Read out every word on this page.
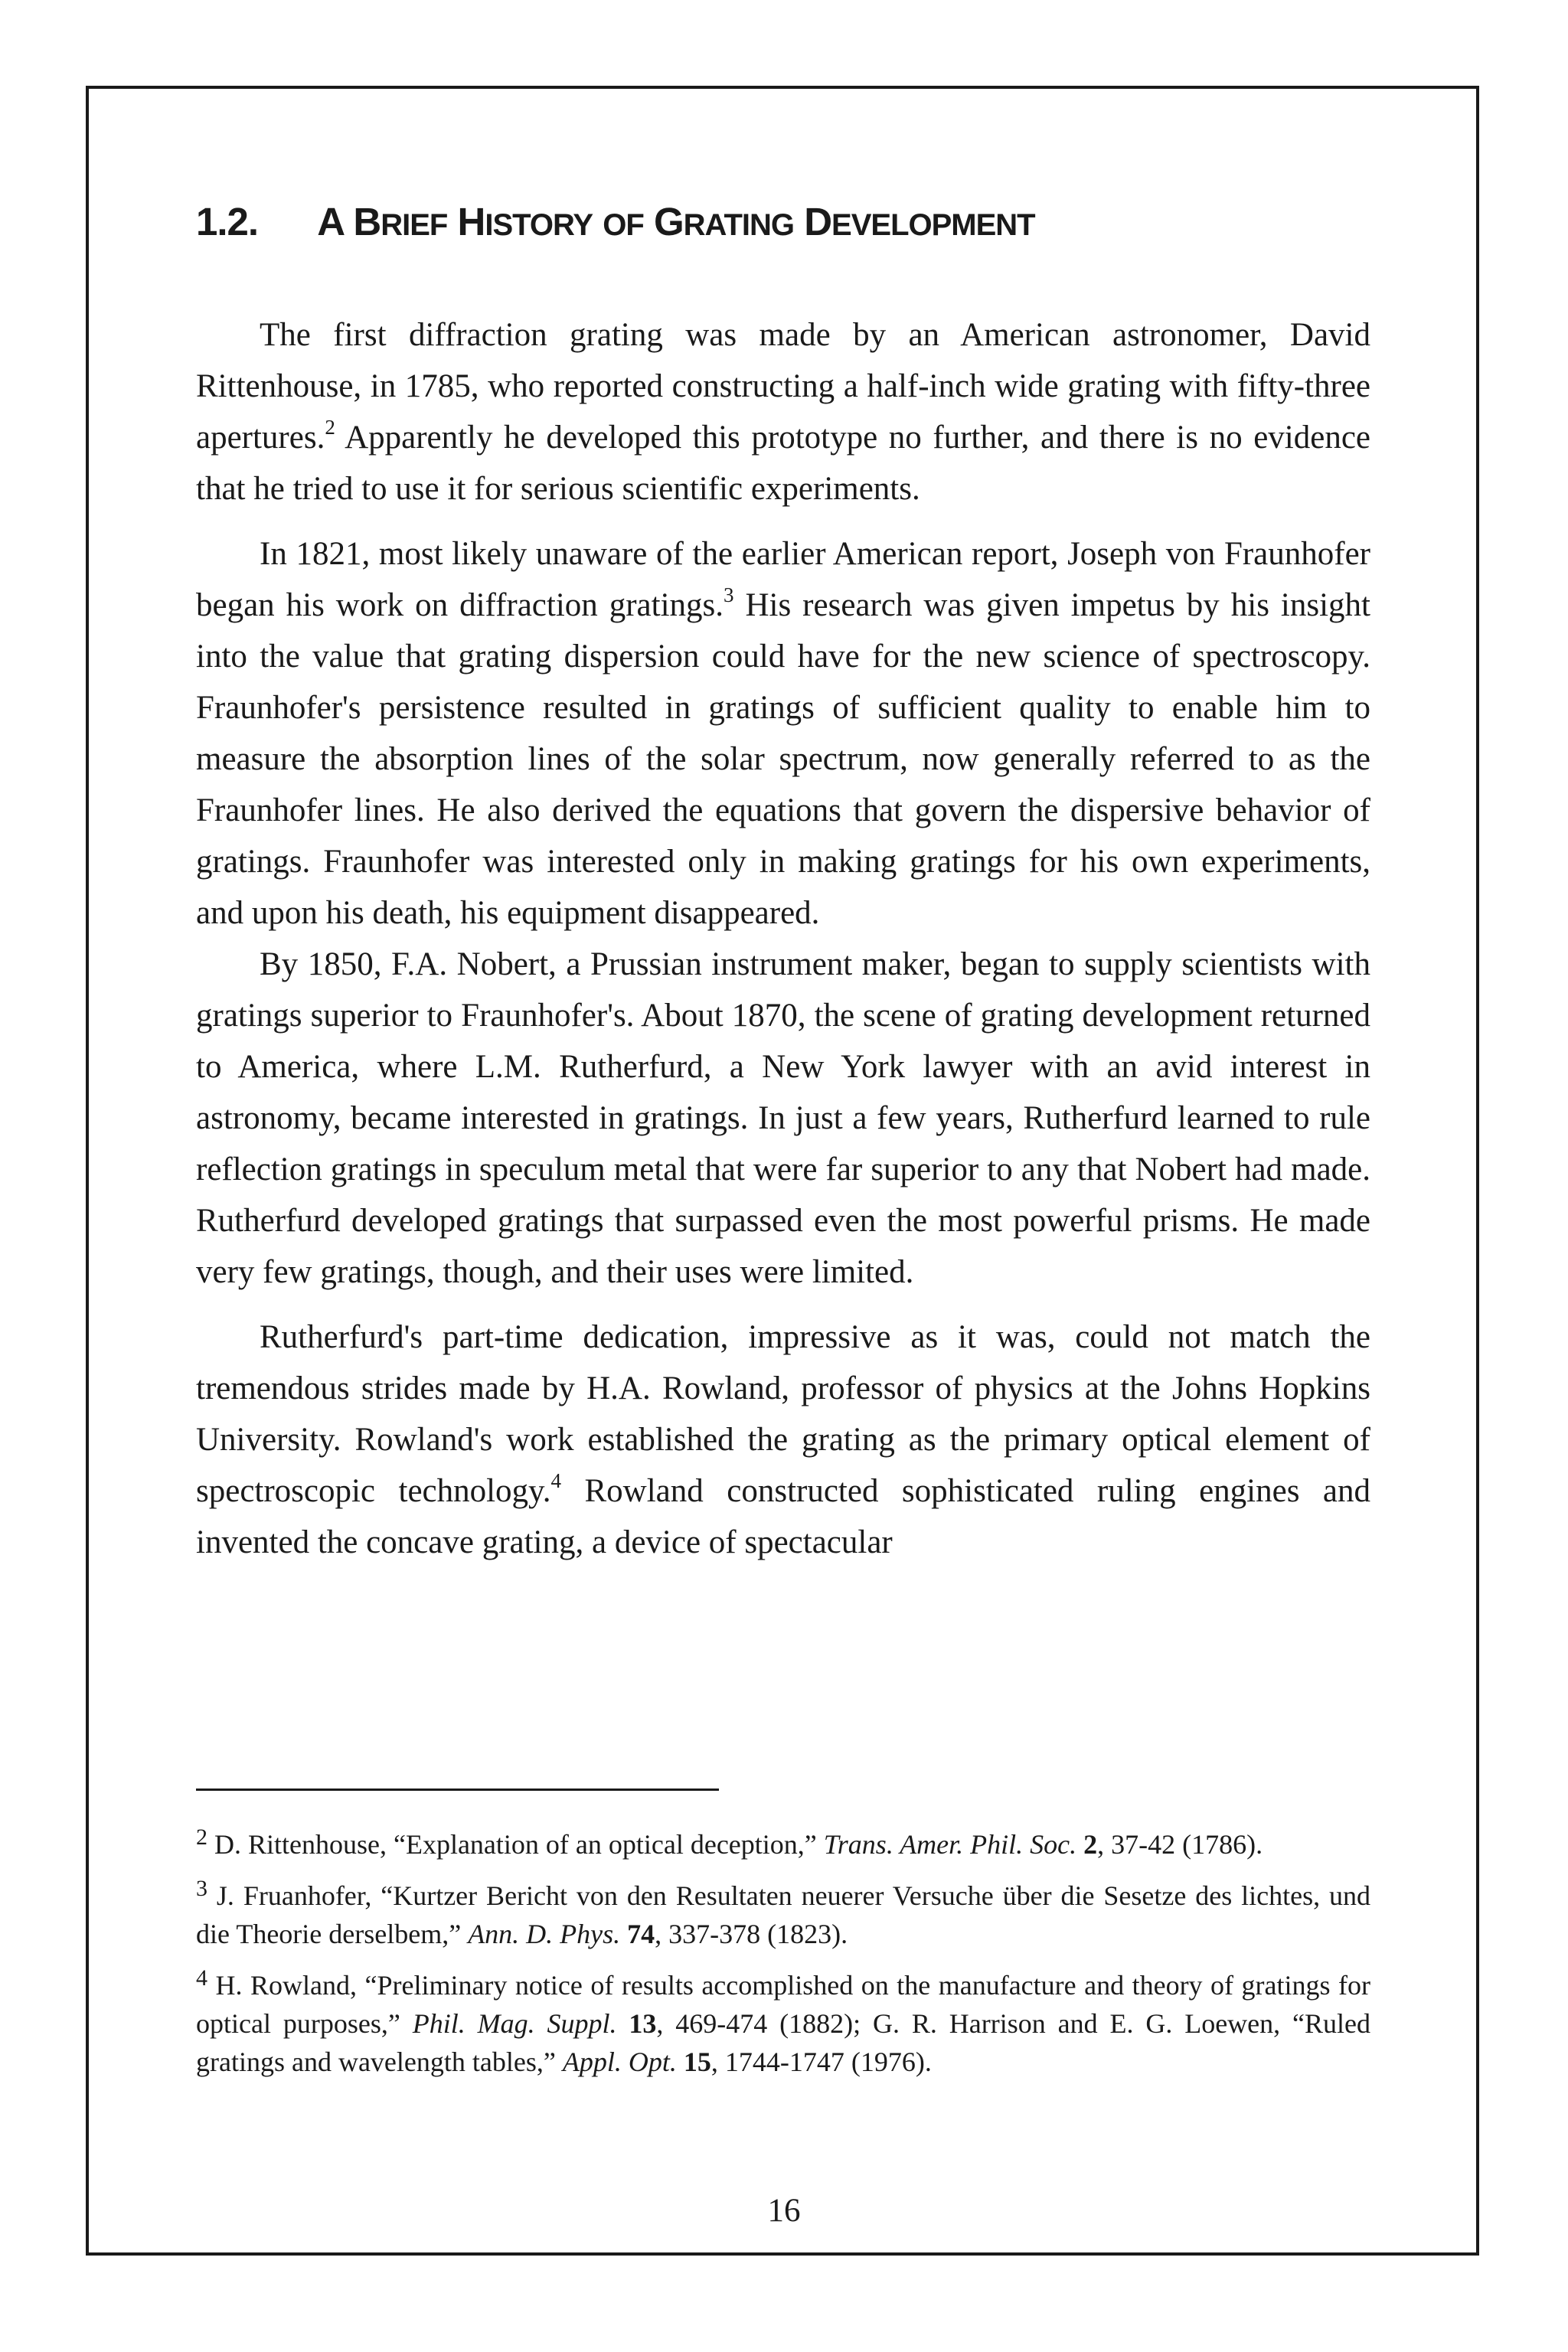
1.2. A BRIEF HISTORY OF GRATING DEVELOPMENT

The first diffraction grating was made by an American astronomer, David Rittenhouse, in 1785, who reported constructing a half-inch wide grating with fifty-three apertures.$^2$ Apparently he developed this prototype no further, and there is no evidence that he tried to use it for serious scientific experiments.

In 1821, most likely unaware of the earlier American report, Joseph von Fraunhofer began his work on diffraction gratings.$^3$ His research was given impetus by his insight into the value that grating dispersion could have for the new science of spectroscopy. Fraunhofer's persistence resulted in gratings of sufficient quality to enable him to measure the absorption lines of the solar spectrum, now generally referred to as the Fraunhofer lines. He also derived the equations that govern the dispersive behavior of gratings. Fraunhofer was interested only in making gratings for his own experiments, and upon his death, his equipment disappeared.

By 1850, F.A. Nobert, a Prussian instrument maker, began to supply scientists with gratings superior to Fraunhofer's. About 1870, the scene of grating development returned to America, where L.M. Rutherfurd, a New York lawyer with an avid interest in astronomy, became interested in gratings. In just a few years, Rutherfurd learned to rule reflection gratings in speculum metal that were far superior to any that Nobert had made. Rutherfurd developed gratings that surpassed even the most powerful prisms. He made very few gratings, though, and their uses were limited.

Rutherfurd's part-time dedication, impressive as it was, could not match the tremendous strides made by H.A. Rowland, professor of physics at the Johns Hopkins University. Rowland's work established the grating as the primary optical element of spectroscopic technology.$^4$ Rowland constructed sophisticated ruling engines and invented the concave grating, a device of spectacular

$^2$ D. Rittenhouse, “Explanation of an optical deception,” Trans. Amer. Phil. Soc. 2, 37-42 (1786).

$^3$ J. Fruanhofer, “Kurtzer Bericht von den Resultaten neuerer Versuche über die Sesetze des lichtes, und die Theorie derselbem,” Ann. D. Phys. 74, 337-378 (1823).

$^4$ H. Rowland, “Preliminary notice of results accomplished on the manufacture and theory of gratings for optical purposes,” Phil. Mag. Suppl. 13, 469-474 (1882); G. R. Harrison and E. G. Loewen, “Ruled gratings and wavelength tables,” Appl. Opt. 15, 1744-1747 (1976).

16
